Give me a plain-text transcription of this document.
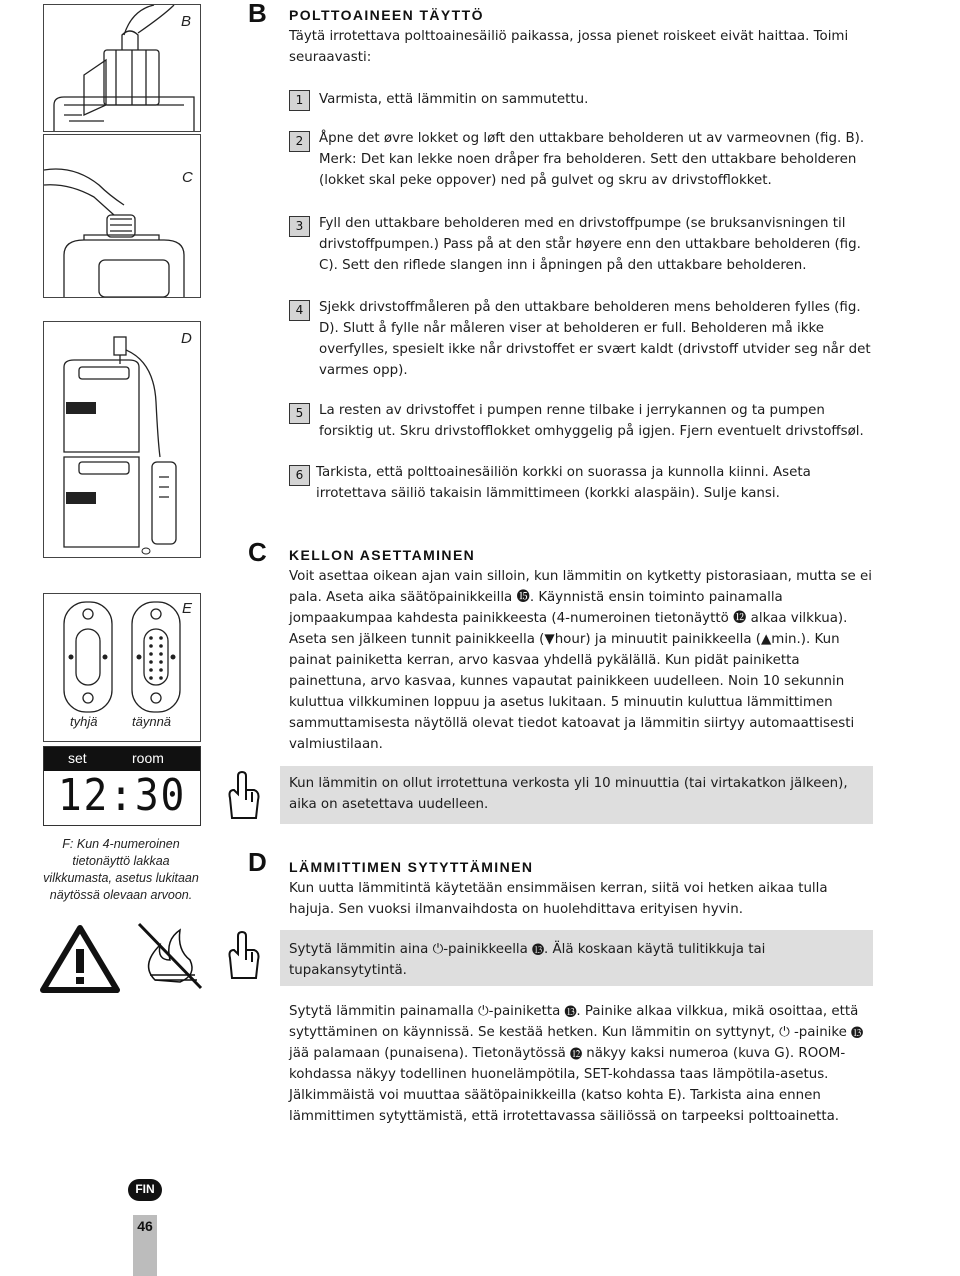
B
C
D
E
tyhjä	täynnä
set	room
12:30
F: Kun 4-numeroinen tietonäyttö lakkaa vilkkumasta, asetus lukitaan näytössä olevaan arvoon.
B POLTTOAINEEN TÄYTTÖ
Täytä irrotettava polttoainesäiliö paikassa, jossa pienet roiskeet eivät haittaa. Toimi seuraavasti:
1	Varmista, että lämmitin on sammutettu.
2	Åpne det øvre lokket og løft den uttakbare beholderen ut av varmeovnen (fig. B). Merk: Det kan lekke noen dråper fra beholderen. Sett den uttakbare beholderen (lokket skal peke oppover) ned på gulvet og skru av drivstofflokket.
3	Fyll den uttakbare beholderen med en drivstoffpumpe (se bruksanvisningen til drivstoffpumpen.) Pass på at den står høyere enn den uttakbare beholderen (fig. C). Sett den riflede slangen inn i åpningen på den uttakbare beholderen.
4	Sjekk drivstoffmåleren på den uttakbare beholderen mens beholderen fylles (fig. D). Slutt å fylle når måleren viser at beholderen er full. Beholderen må ikke overfylles, spesielt ikke når drivstoffet er svært kaldt (drivstoff utvider seg når det varmes opp).
5	La resten av drivstoffet i pumpen renne tilbake i jerrykannen og ta pumpen forsiktig ut. Skru drivstofflokket omhyggelig på igjen. Fjern eventuelt drivstoffsøl.
6 Tarkista, että polttoainesäiliön korkki on suorassa ja kunnolla kiinni. Aseta irrotettava säiliö takaisin lämmittimeen (korkki alaspäin). Sulje kansi.
C KELLON ASETTAMINEN
Voit asettaa oikean ajan vain silloin, kun lämmitin on kytketty pistorasiaan, mutta se ei pala. Aseta aika säätöpainikkeilla ⓯. Käynnistä ensin toiminto painamalla jompaakumpaa kahdesta painikkeesta (4-numeroinen tietonäyttö ⓬ alkaa vilkkua). Aseta sen jälkeen tunnit painikkeella (▼hour) ja minuutit painikkeella (▲min.). Kun painat painiketta kerran, arvo kasvaa yhdellä pykälällä. Kun pidät painiketta painettuna, arvo kasvaa, kunnes vapautat painikkeen uudelleen. Noin 10 sekunnin kuluttua vilkkuminen loppuu ja asetus lukitaan. 5 minuutin kuluttua lämmittimen sammuttamisesta näytöllä olevat tiedot katoavat ja lämmitin siirtyy automaattisesti valmiustilaan.
Kun lämmitin on ollut irrotettuna verkosta yli 10 minuuttia (tai virtakatkon jälkeen), aika on asetettava uudelleen.
D LÄMMITTIMEN SYTYTTÄMINEN
Kun uutta lämmitintä käytetään ensimmäisen kerran, siitä voi hetken aikaa tulla hajuja. Sen vuoksi ilmanvaihdosta on huolehdittava erityisen hyvin.
Sytytä lämmitin aina ⏻-painikkeella ⓭. Älä koskaan käytä tulitikkuja tai tupakansytytintä.
Sytytä lämmitin painamalla ⏻-painiketta ⓭. Painike alkaa vilkkua, mikä osoittaa, että sytyttäminen on käynnissä. Se kestää hetken. Kun lämmitin on syttynyt, ⏻ -painike ⓭ jää palamaan (punaisena). Tietonäytössä ⓬ näkyy kaksi numeroa (kuva G). ROOM-kohdassa näkyy todellinen huonelämpötila, SET-kohdassa taas lämpötila-asetus. Jälkimmäistä voi muuttaa säätöpainikkeilla (katso kohta E). Tarkista aina ennen lämmittimen sytyttämistä, että irrotettavassa säiliössä on tarpeeksi polttoainetta.
FIN
46
